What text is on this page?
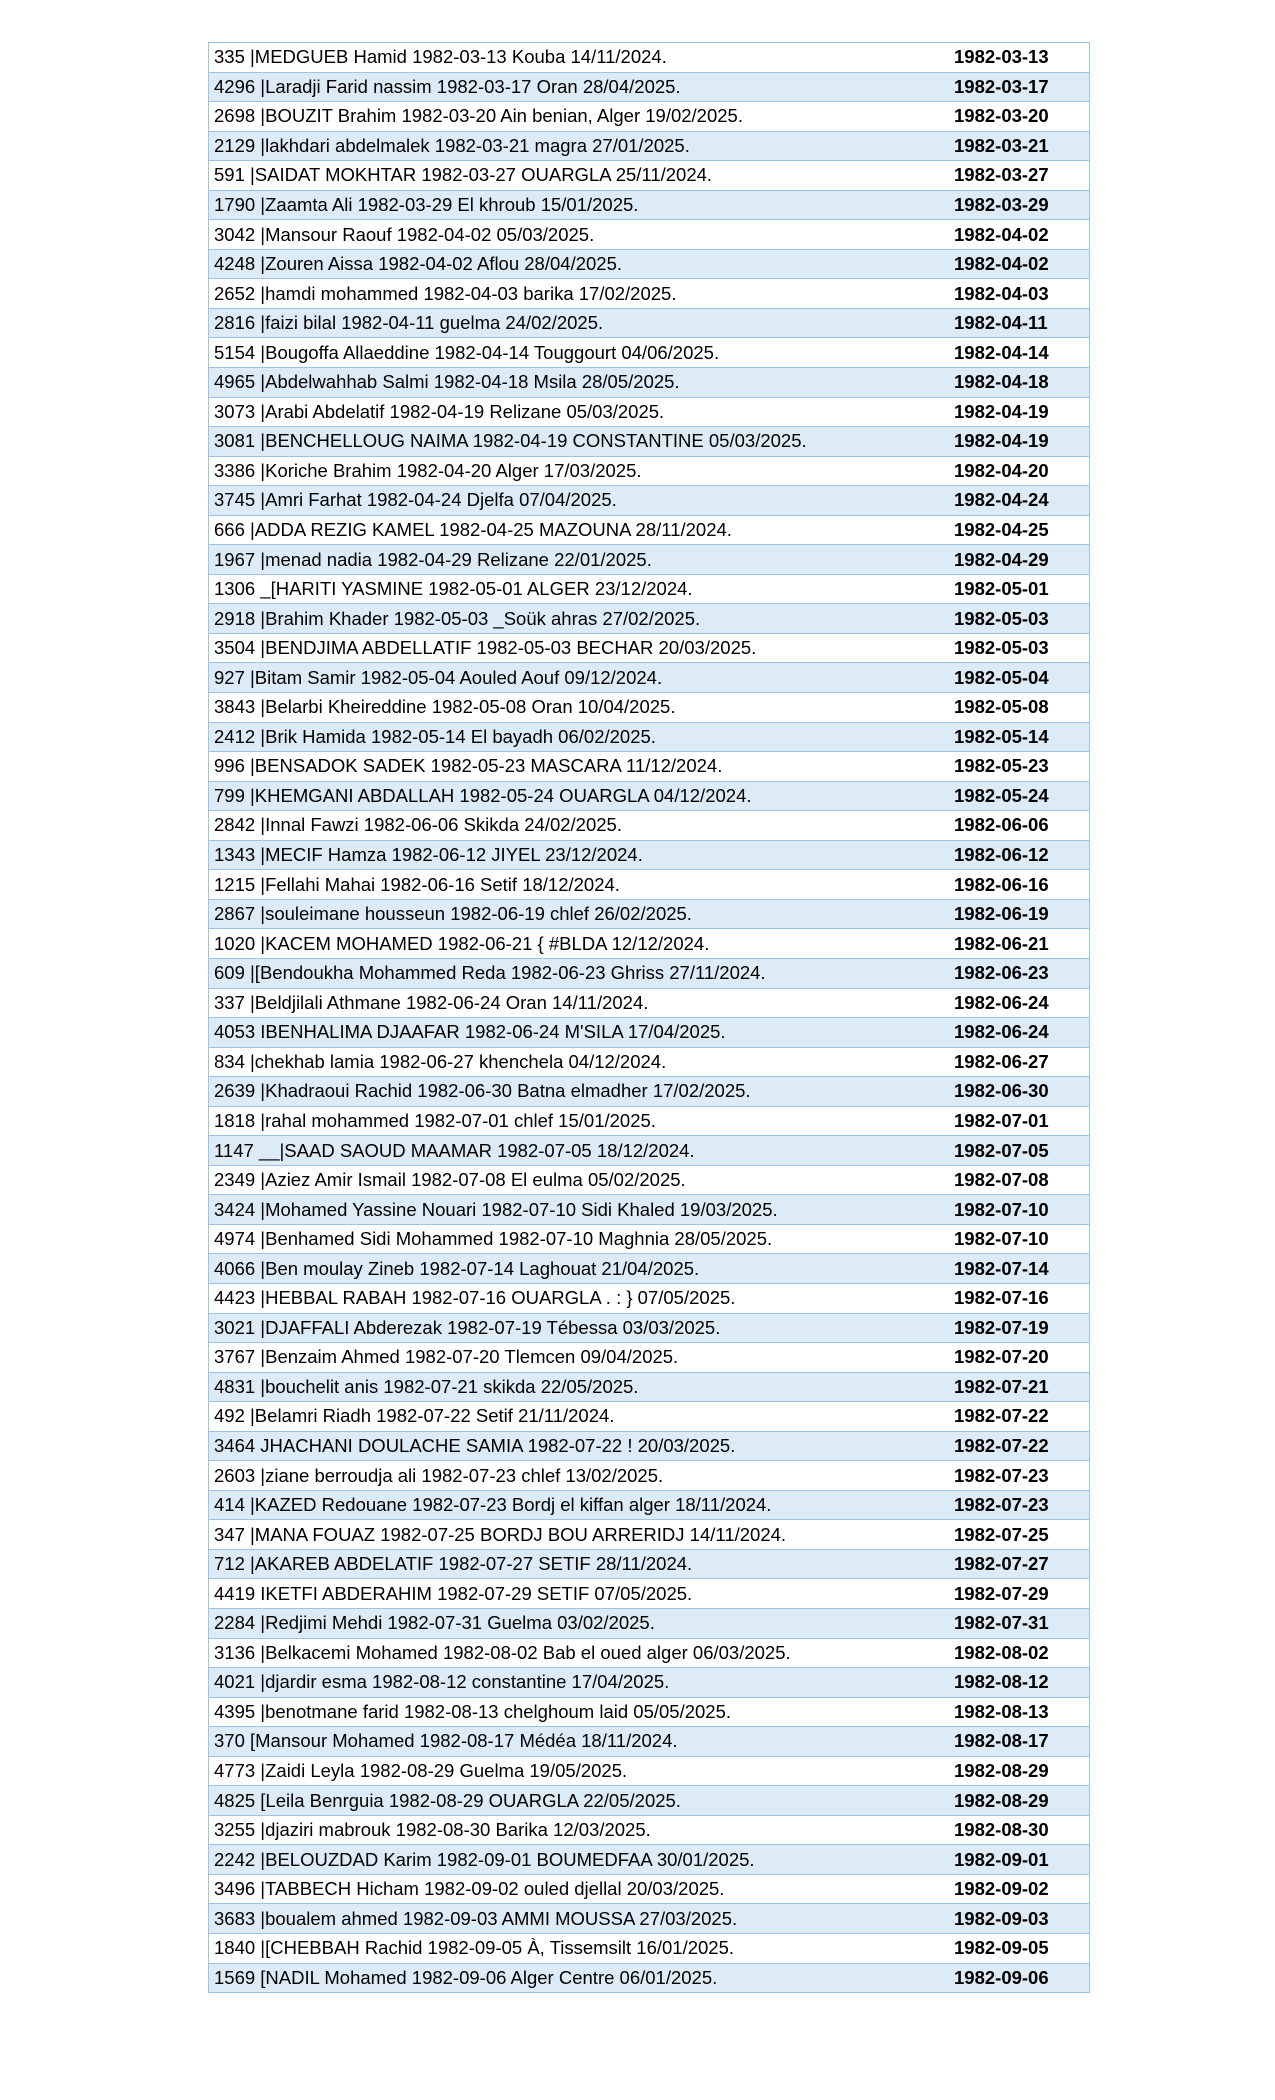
335 |MEDGUEB Hamid 1982-03-13 Kouba 14/11/2024.	1982-03-13
4296 |Laradji Farid nassim 1982-03-17 Oran 28/04/2025.	1982-03-17
2698 |BOUZIT Brahim 1982-03-20 Ain benian, Alger 19/02/2025.	1982-03-20
2129 |lakhdari abdelmalek 1982-03-21 magra 27/01/2025.	1982-03-21
591 |SAIDAT MOKHTAR 1982-03-27 OUARGLA 25/11/2024.	1982-03-27
1790 |Zaamta Ali 1982-03-29 El khroub 15/01/2025.	1982-03-29
3042 |Mansour Raouf 1982-04-02 05/03/2025.	1982-04-02
4248 |Zouren Aissa 1982-04-02 Aflou 28/04/2025.	1982-04-02
2652 |hamdi mohammed 1982-04-03 barika 17/02/2025.	1982-04-03
2816 |faizi bilal 1982-04-11 guelma 24/02/2025.	1982-04-11
5154 |Bougoffa Allaeddine 1982-04-14 Touggourt 04/06/2025.	1982-04-14
4965 |Abdelwahhab Salmi 1982-04-18 Msila 28/05/2025.	1982-04-18
3073 |Arabi Abdelatif 1982-04-19 Relizane 05/03/2025.	1982-04-19
3081 |BENCHELLOUG NAIMA 1982-04-19 CONSTANTINE 05/03/2025.	1982-04-19
3386 |Koriche Brahim 1982-04-20 Alger 17/03/2025.	1982-04-20
3745 |Amri Farhat 1982-04-24 Djelfa 07/04/2025.	1982-04-24
666 |ADDA REZIG KAMEL 1982-04-25 MAZOUNA 28/11/2024.	1982-04-25
1967 |menad nadia 1982-04-29 Relizane 22/01/2025.	1982-04-29
1306 _[HARITI YASMINE 1982-05-01 ALGER 23/12/2024.	1982-05-01
2918 |Brahim Khader 1982-05-03 _Soük ahras 27/02/2025.	1982-05-03
3504 |BENDJIMA ABDELLATIF 1982-05-03 BECHAR 20/03/2025.	1982-05-03
927 |Bitam Samir 1982-05-04 Aouled Aouf 09/12/2024.	1982-05-04
3843 |Belarbi Kheireddine 1982-05-08 Oran 10/04/2025.	1982-05-08
2412 |Brik Hamida 1982-05-14 El bayadh 06/02/2025.	1982-05-14
996 |BENSADOK SADEK 1982-05-23 MASCARA 11/12/2024.	1982-05-23
799 |KHEMGANI ABDALLAH 1982-05-24 OUARGLA 04/12/2024.	1982-05-24
2842 |Innal Fawzi 1982-06-06 Skikda 24/02/2025.	1982-06-06
1343 |MECIF Hamza 1982-06-12 JIYEL 23/12/2024.	1982-06-12
1215 |Fellahi Mahai 1982-06-16 Setif 18/12/2024.	1982-06-16
2867 |souleimane housseun 1982-06-19 chlef 26/02/2025.	1982-06-19
1020 |KACEM MOHAMED 1982-06-21 { #BLDA 12/12/2024.	1982-06-21
609 |[Bendoukha Mohammed Reda 1982-06-23 Ghriss 27/11/2024.	1982-06-23
337 |Beldjilali Athmane 1982-06-24 Oran 14/11/2024.	1982-06-24
4053 IBENHALIMA DJAAFAR 1982-06-24 M'SILA 17/04/2025.	1982-06-24
834 |chekhab lamia 1982-06-27 khenchela 04/12/2024.	1982-06-27
2639 |Khadraoui Rachid 1982-06-30 Batna elmadher 17/02/2025.	1982-06-30
1818 |rahal mohammed 1982-07-01 chlef 15/01/2025.	1982-07-01
1147 __|SAAD SAOUD MAAMAR 1982-07-05 18/12/2024.	1982-07-05
2349 |Aziez Amir Ismail 1982-07-08 El eulma 05/02/2025.	1982-07-08
3424 |Mohamed Yassine Nouari 1982-07-10 Sidi Khaled 19/03/2025.	1982-07-10
4974 |Benhamed Sidi Mohammed 1982-07-10 Maghnia 28/05/2025.	1982-07-10
4066 |Ben moulay Zineb 1982-07-14 Laghouat 21/04/2025.	1982-07-14
4423 |HEBBAL RABAH 1982-07-16 OUARGLA . : } 07/05/2025.	1982-07-16
3021 |DJAFFALI Abderezak 1982-07-19 Tébessa 03/03/2025.	1982-07-19
3767 |Benzaim Ahmed 1982-07-20 Tlemcen 09/04/2025.	1982-07-20
4831 |bouchelit anis 1982-07-21 skikda 22/05/2025.	1982-07-21
492 |Belamri Riadh 1982-07-22 Setif 21/11/2024.	1982-07-22
3464 JHACHANI DOULACHE SAMIA 1982-07-22 ! 20/03/2025.	1982-07-22
2603 |ziane berroudja ali 1982-07-23 chlef 13/02/2025.	1982-07-23
414 |KAZED Redouane 1982-07-23 Bordj el kiffan alger 18/11/2024.	1982-07-23
347 |MANA FOUAZ 1982-07-25 BORDJ BOU ARRERIDJ 14/11/2024.	1982-07-25
712 |AKAREB ABDELATIF 1982-07-27 SETIF 28/11/2024.	1982-07-27
4419 IKETFI ABDERAHIM 1982-07-29 SETIF 07/05/2025.	1982-07-29
2284 |Redjimi Mehdi 1982-07-31 Guelma 03/02/2025.	1982-07-31
3136 |Belkacemi Mohamed 1982-08-02 Bab el oued alger 06/03/2025.	1982-08-02
4021 |djardir esma 1982-08-12 constantine 17/04/2025.	1982-08-12
4395 |benotmane farid 1982-08-13 chelghoum laid 05/05/2025.	1982-08-13
370 [Mansour Mohamed 1982-08-17 Médéa 18/11/2024.	1982-08-17
4773 |Zaidi Leyla 1982-08-29 Guelma 19/05/2025.	1982-08-29
4825 [Leila Benrguia 1982-08-29 OUARGLA 22/05/2025.	1982-08-29
3255 |djaziri mabrouk 1982-08-30 Barika 12/03/2025.	1982-08-30
2242 |BELOUZDAD Karim 1982-09-01 BOUMEDFAA 30/01/2025.	1982-09-01
3496 |TABBECH Hicham 1982-09-02 ouled djellal 20/03/2025.	1982-09-02
3683 |boualem ahmed 1982-09-03 AMMI MOUSSA 27/03/2025.	1982-09-03
1840 |[CHEBBAH Rachid 1982-09-05 À, Tissemsilt 16/01/2025.	1982-09-05
1569 [NADIL Mohamed 1982-09-06 Alger Centre 06/01/2025.	1982-09-06
